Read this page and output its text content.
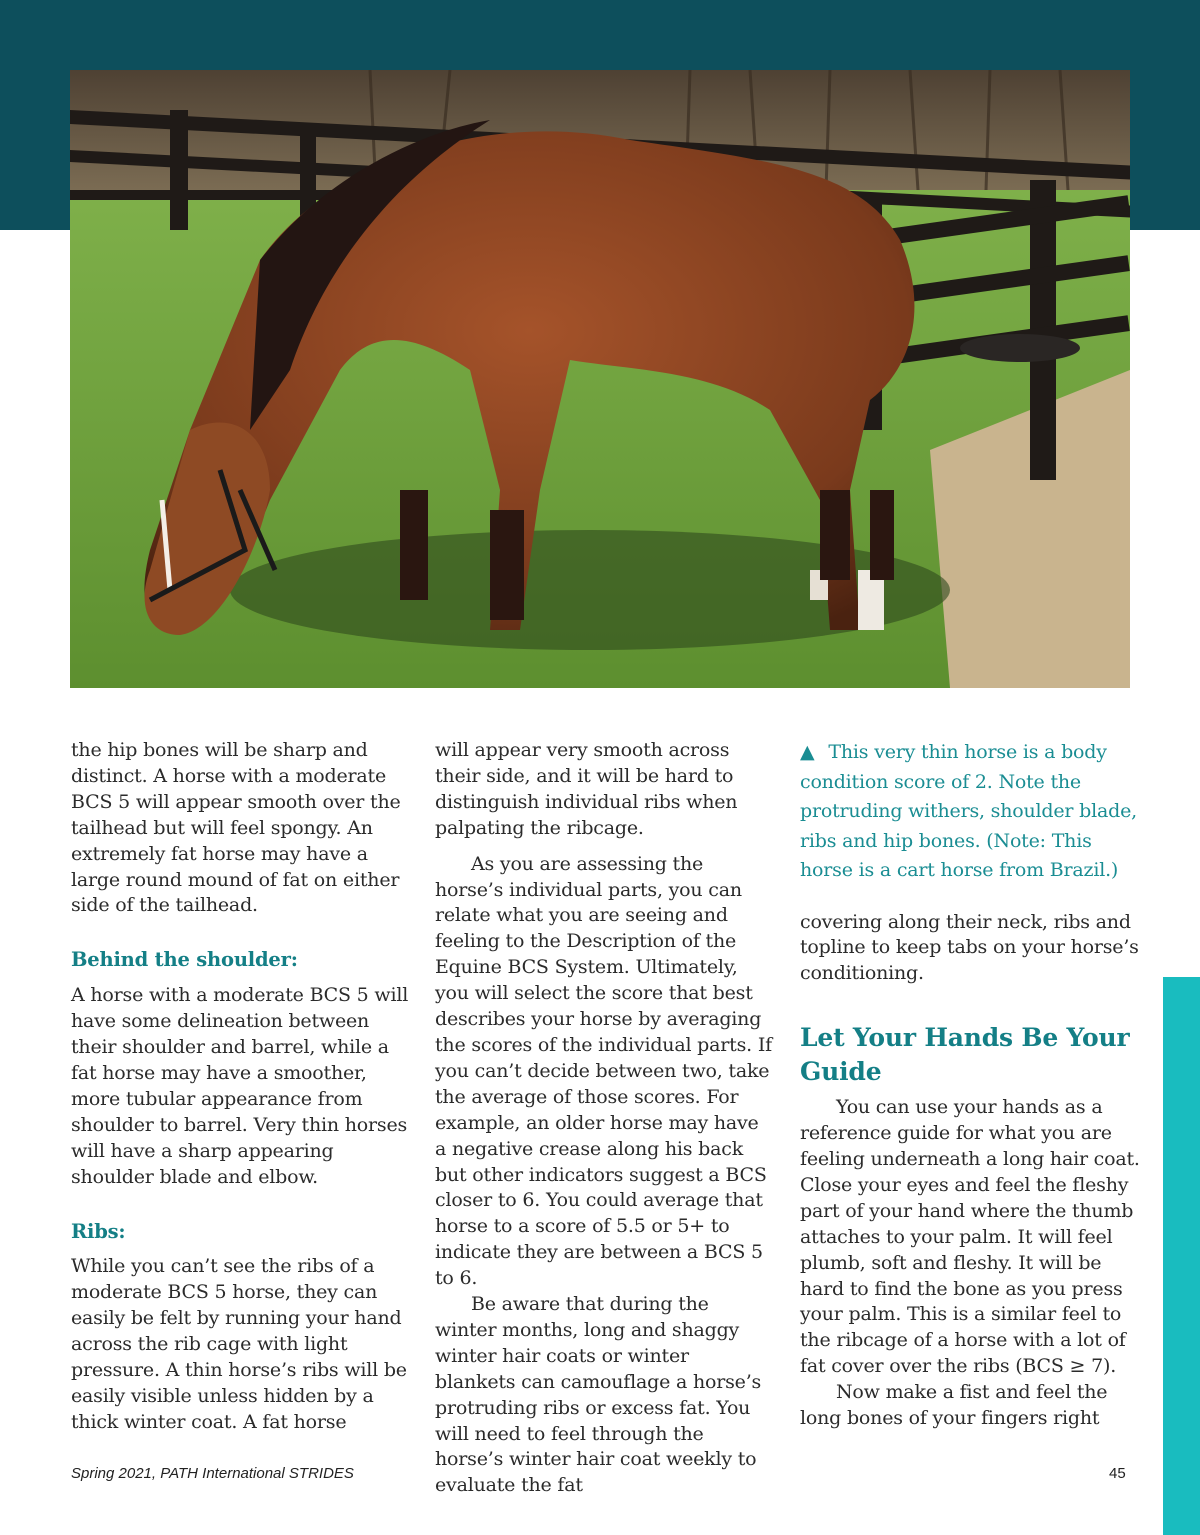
the hip bones will be sharp and distinct. A horse with a moderate BCS 5 will appear smooth over the tailhead but will feel spongy. An extremely fat horse may have a large round mound of fat on either side of the tailhead.

Behind the shoulder:

A horse with a moderate BCS 5 will have some delineation between their shoulder and barrel, while a fat horse may have a smoother, more tubular appearance from shoulder to barrel. Very thin horses will have a sharp appearing shoulder blade and elbow.

Ribs:

While you can’t see the ribs of a moderate BCS 5 horse, they can easily be felt by running your hand across the rib cage with light pressure. A thin horse’s ribs will be easily visible unless hidden by a thick winter coat. A fat horse

will appear very smooth across their side, and it will be hard to distinguish individual ribs when palpating the ribcage.

As you are assessing the horse’s individual parts, you can relate what you are seeing and feeling to the Description of the Equine BCS System. Ultimately, you will select the score that best describes your horse by averaging the scores of the individual parts. If you can’t decide between two, take the average of those scores. For example, an older horse may have a negative crease along his back but other indicators suggest a BCS closer to 6. You could average that horse to a score of 5.5 or 5+ to indicate they are between a BCS 5 to 6.

Be aware that during the winter months, long and shaggy winter hair coats or winter blankets can camouflage a horse’s protruding ribs or excess fat. You will need to feel through the horse’s winter hair coat weekly to evaluate the fat

▲ This very thin horse is a body condition score of 2. Note the protruding withers, shoulder blade, ribs and hip bones. (Note: This horse is a cart horse from Brazil.)

covering along their neck, ribs and topline to keep tabs on your horse’s conditioning.

Let Your Hands Be Your Guide

You can use your hands as a reference guide for what you are feeling underneath a long hair coat. Close your eyes and feel the fleshy part of your hand where the thumb attaches to your palm. It will feel plumb, soft and fleshy. It will be hard to find the bone as you press your palm. This is a similar feel to the ribcage of a horse with a lot of fat cover over the ribs (BCS ≥ 7).

Now make a fist and feel the long bones of your fingers right

Spring 2021, PATH International STRIDES	45
